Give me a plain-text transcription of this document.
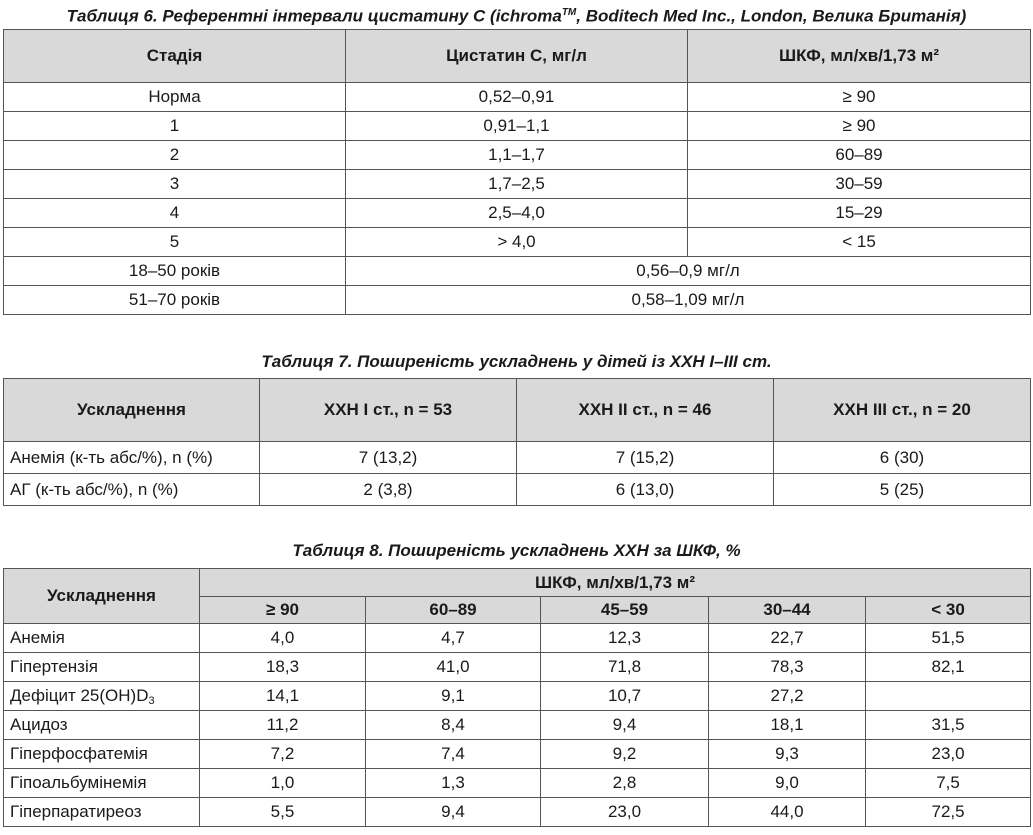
Таблиця 6. Референтні інтервали цистатину С (ichroma™, Boditech Med Inc., London, Велика Британія)
Стадія	Цистатин С, мг/л	ШКФ, мл/хв/1,73 м²
Норма	0,52–0,91	≥ 90
1	0,91–1,1	≥ 90
2	1,1–1,7	60–89
3	1,7–2,5	30–59
4	2,5–4,0	15–29
5	> 4,0	< 15
18–50 років	0,56–0,9 мг/л	
51–70 років	0,58–1,09 мг/л	
Таблиця 7. Поширеність ускладнень у дітей із ХХН I–III ст.
Ускладнення	ХХН I ст., n = 53	ХХН II ст., n = 46	ХХН III ст., n = 20
Анемія (к-ть абс/%), n (%)	7 (13,2)	7 (15,2)	6 (30)
АГ (к-ть абс/%), n (%)	2 (3,8)	6 (13,0)	5 (25)
Таблиця 8. Поширеність ускладнень ХХН за ШКФ, %
Ускладнення	ШКФ, мл/хв/1,73 м²				
	≥ 90	60–89	45–59	30–44	< 30
Анемія	4,0	4,7	12,3	22,7	51,5
Гіпертензія	18,3	41,0	71,8	78,3	82,1
Дефіцит $25(OH)D_3$	14,1	9,1	10,7	27,2	
Ацидоз	11,2	8,4	9,4	18,1	31,5
Гіперфосфатемія	7,2	7,4	9,2	9,3	23,0
Гіпоальбумінемія	1,0	1,3	2,8	9,0	7,5
Гіперпаратиреоз	5,5	9,4	23,0	44,0	72,5
